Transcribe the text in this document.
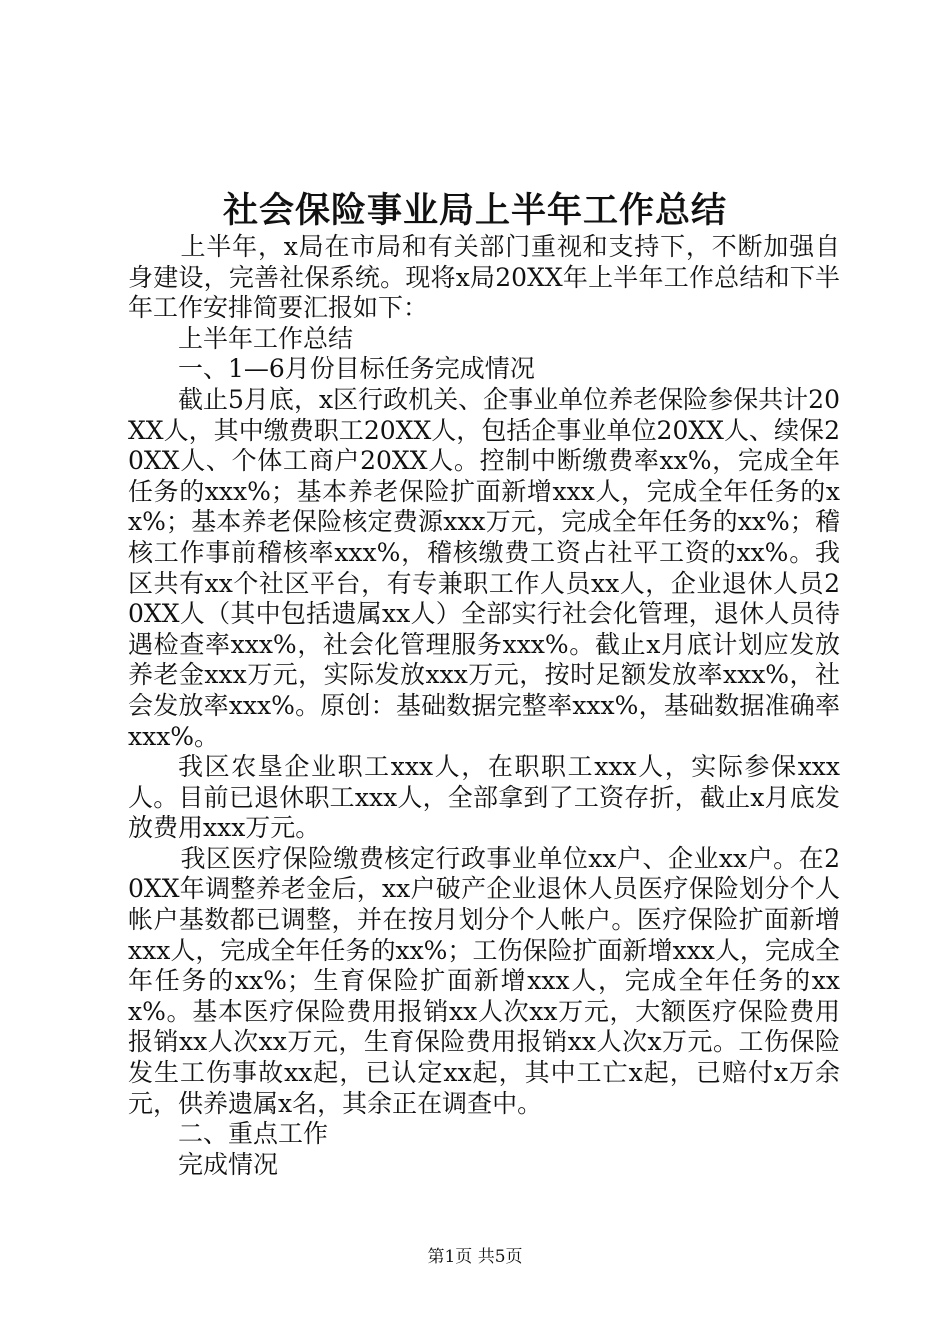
社会保险事业局上半年工作总结

上半年，x局在市局和有关部门重视和支持下，不断加强自身建设，完善社保系统。现将x局20XX年上半年工作总结和下半年工作安排简要汇报如下：

上半年工作总结

一、1—6月份目标任务完成情况

截止5月底，x区行政机关、企事业单位养老保险参保共计20XX人，其中缴费职工20XX人，包括企事业单位20XX人、续保20XX人、个体工商户20XX人。控制中断缴费率xx%，完成全年任务的xxx%；基本养老保险扩面新增xxx人，完成全年任务的xx%；基本养老保险核定费源xxx万元，完成全年任务的xx%；稽核工作事前稽核率xxx%，稽核缴费工资占社平工资的xx%。我区共有xx个社区平台，有专兼职工作人员xx人，企业退休人员20XX人（其中包括遗属xx人）全部实行社会化管理，退休人员待遇检查率xxx%，社会化管理服务xxx%。截止x月底计划应发放养老金xxx万元，实际发放xxx万元，按时足额发放率xxx%，社会发放率xxx%。原创：基础数据完整率xxx%，基础数据准确率xxx%。

我区农垦企业职工xxx人，在职职工xxx人，实际参保xxx人。目前已退休职工xxx人，全部拿到了工资存折，截止x月底发放费用xxx万元。

我区医疗保险缴费核定行政事业单位xx户、企业xx户。在20XX年调整养老金后，xx户破产企业退休人员医疗保险划分个人帐户基数都已调整，并在按月划分个人帐户。医疗保险扩面新增xxx人，完成全年任务的xx%；工伤保险扩面新增xxx人，完成全年任务的xx%；生育保险扩面新增xxx人，完成全年任务的xxx%。基本医疗保险费用报销xx人次xx万元，大额医疗保险费用报销xx人次xx万元，生育保险费用报销xx人次x万元。工伤保险发生工伤事故xx起，已认定xx起，其中工亡x起，已赔付x万余元，供养遗属x名，其余正在调查中。

二、重点工作

完成情况

第1页 共5页
